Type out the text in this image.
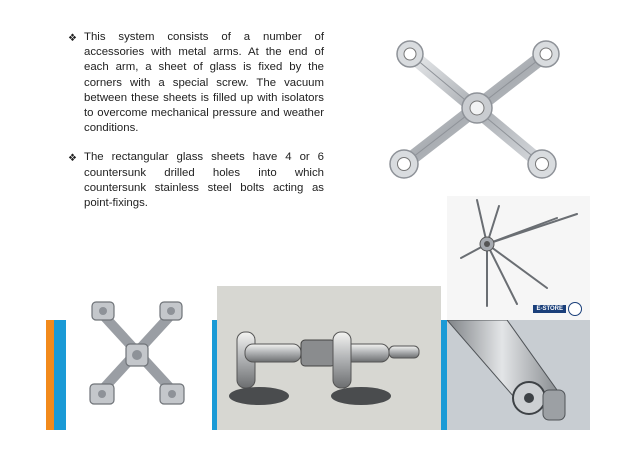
❖ This system consists of a number of accessories with metal arms. At the end of each arm, a sheet of glass is fixed by the corners with a special screw. The vacuum between these sheets is filled up with isolators to overcome mechanical pressure and weather conditions.
❖ The rectangular glass sheets have 4 or 6 countersunk drilled holes into which countersunk stainless steel bolts acting as point-fixings.
E-STORE
